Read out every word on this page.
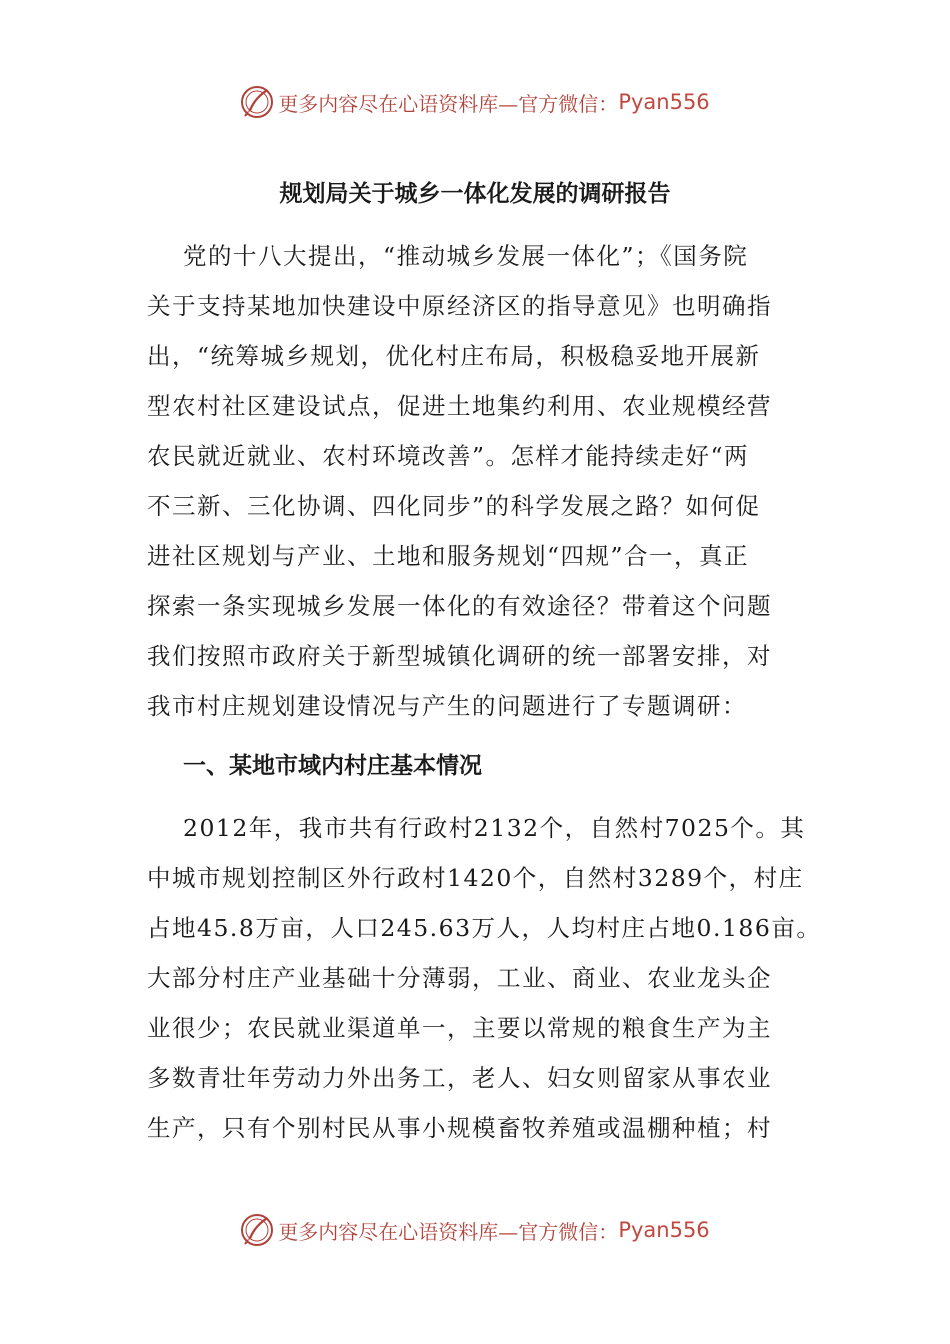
更多内容尽在心语资料库—官方微信： Pyan556
规划局关于城乡一体化发展的调研报告
党的十八大提出，“推动城乡发展一体化”；《国务院
关于支持某地加快建设中原经济区的指导意见》也明确指
出，“统筹城乡规划，优化村庄布局，积极稳妥地开展新
型农村社区建设试点，促进土地集约利用、农业规模经营
农民就近就业、农村环境改善”。怎样才能持续走好“两
不三新、三化协调、四化同步”的科学发展之路？如何促
进社区规划与产业、土地和服务规划“四规”合一，真正
探索一条实现城乡发展一体化的有效途径？带着这个问题
我们按照市政府关于新型城镇化调研的统一部署安排，对
我市村庄规划建设情况与产生的问题进行了专题调研：
一、某地市域内村庄基本情况
2012年，我市共有行政村2132个，自然村7025个。其
中城市规划控制区外行政村1420个，自然村3289个，村庄
占地45.8万亩，人口245.63万人，人均村庄占地0.186亩。
大部分村庄产业基础十分薄弱，工业、商业、农业龙头企
业很少；农民就业渠道单一，主要以常规的粮食生产为主
多数青壮年劳动力外出务工，老人、妇女则留家从事农业
生产，只有个别村民从事小规模畜牧养殖或温棚种植；村
更多内容尽在心语资料库—官方微信： Pyan556
